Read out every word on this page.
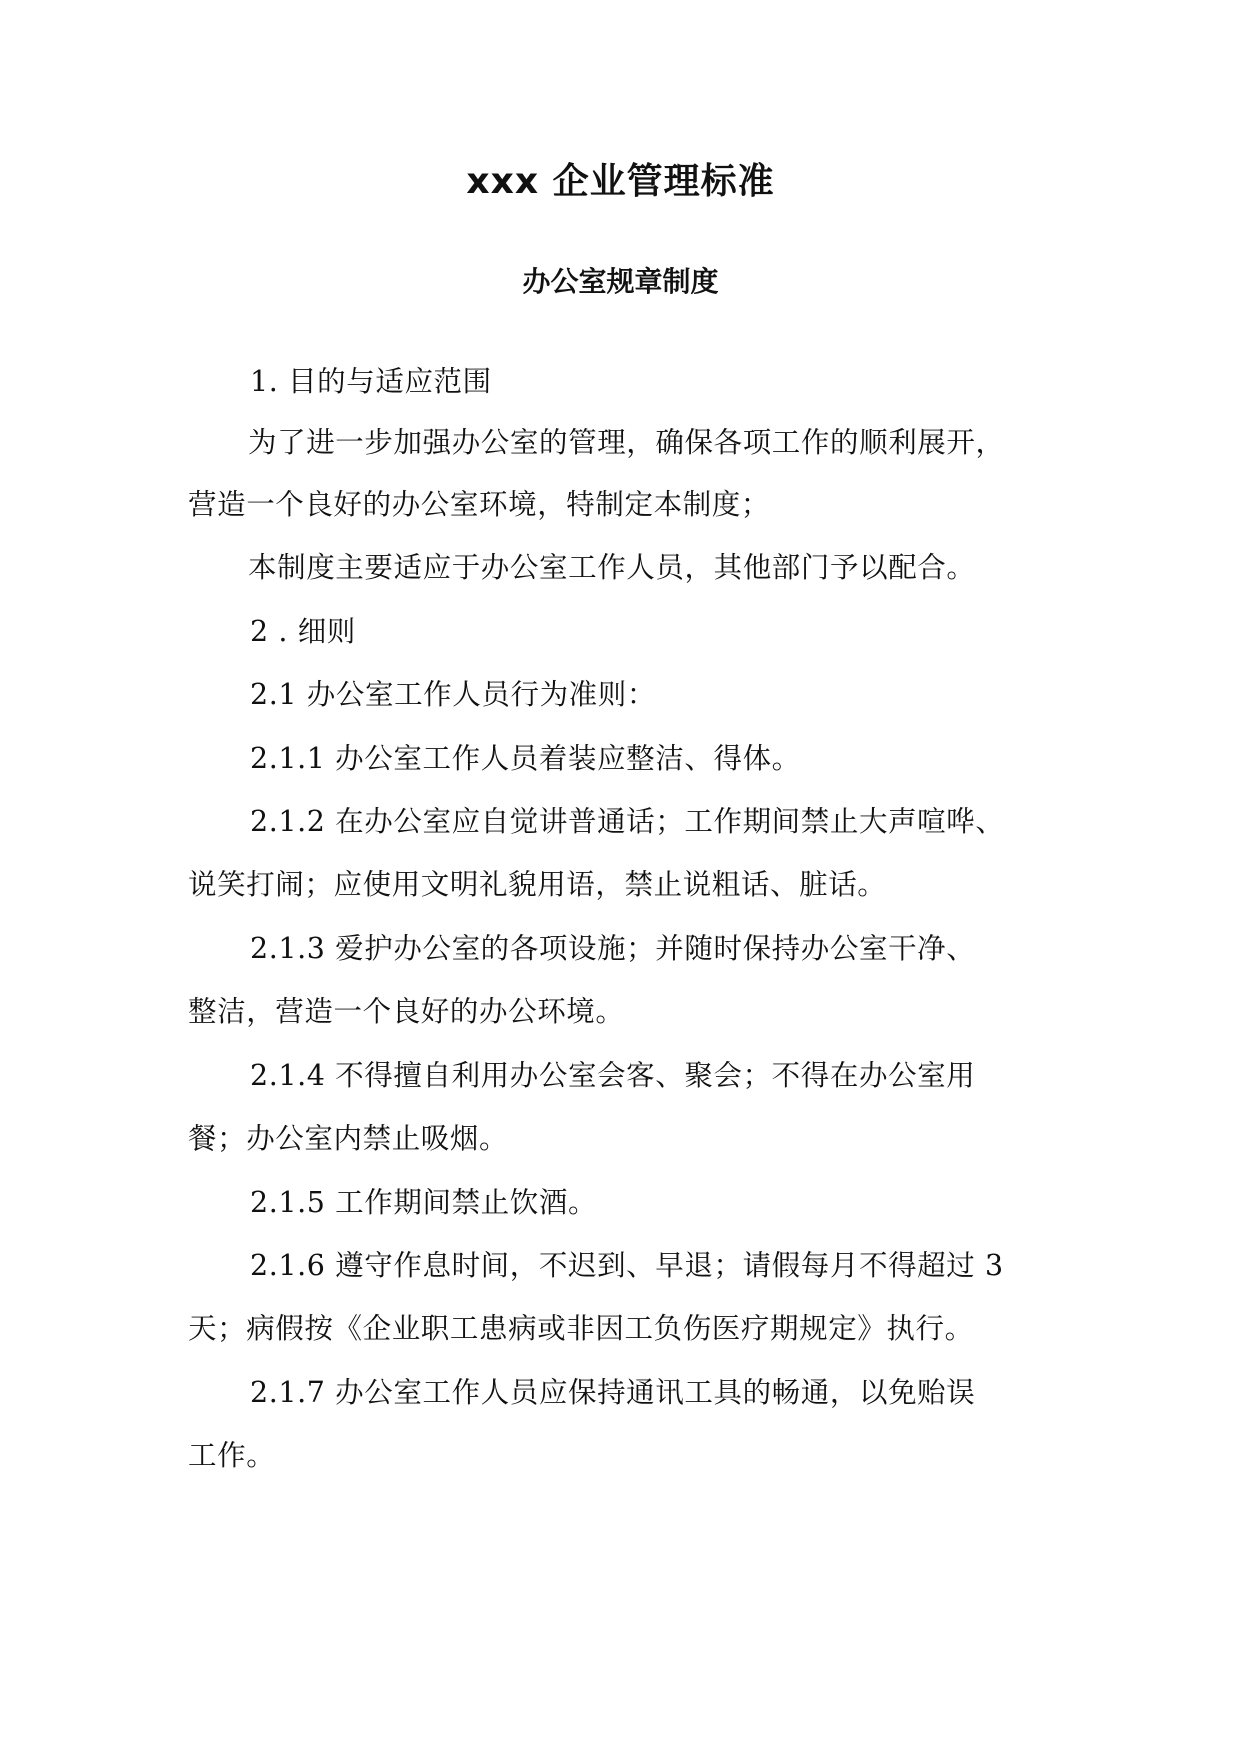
xxx 企业管理标准
办公室规章制度
1. 目的与适应范围
为了进一步加强办公室的管理，确保各项工作的顺利展开，
营造一个良好的办公室环境，特制定本制度；
本制度主要适应于办公室工作人员，其他部门予以配合。
2 . 细则
2.1 办公室工作人员行为准则：
2.1.1 办公室工作人员着装应整洁、得体。
2.1.2 在办公室应自觉讲普通话；工作期间禁止大声喧哗、
说笑打闹；应使用文明礼貌用语，禁止说粗话、脏话。
2.1.3 爱护办公室的各项设施；并随时保持办公室干净、
整洁，营造一个良好的办公环境。
2.1.4 不得擅自利用办公室会客、聚会；不得在办公室用
餐；办公室内禁止吸烟。
2.1.5 工作期间禁止饮酒。
2.1.6 遵守作息时间，不迟到、早退；请假每月不得超过 3
天；病假按《企业职工患病或非因工负伤医疗期规定》执行。
2.1.7 办公室工作人员应保持通讯工具的畅通，以免贻误
工作。
